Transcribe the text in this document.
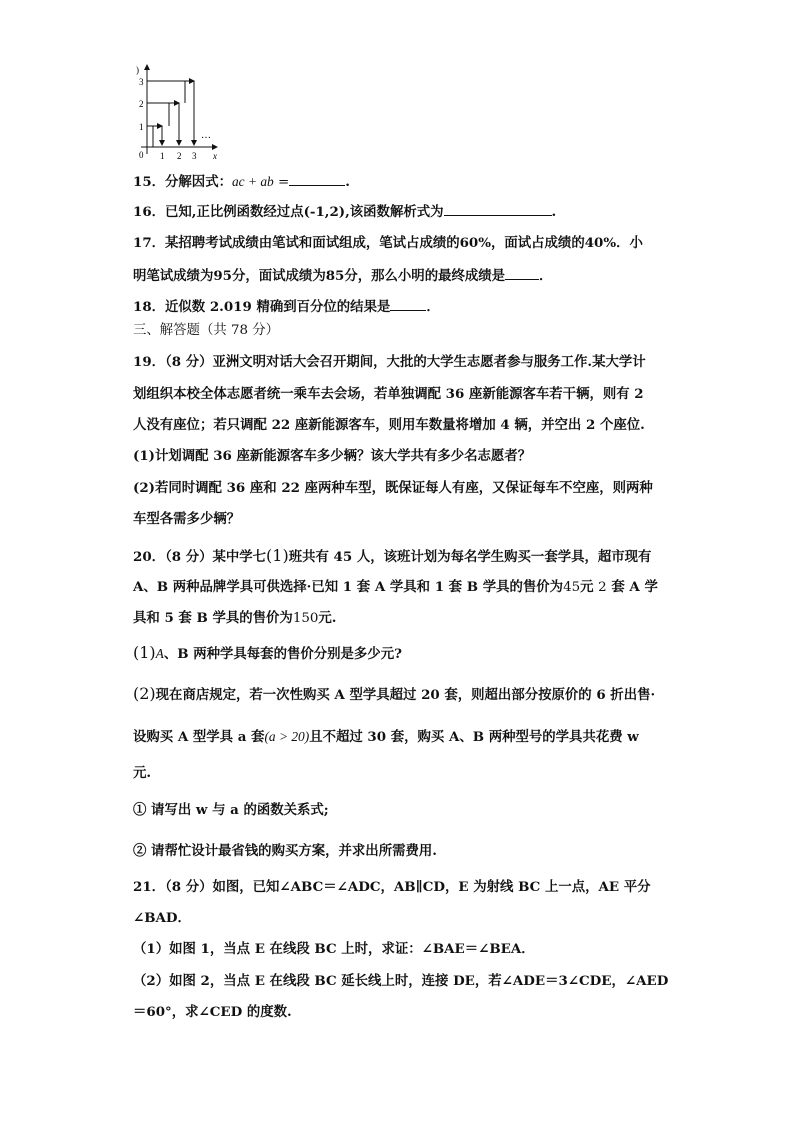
)
3
2
1
0 1 2 3 x
…
15．分解因式：ac + ab =	.
16．已知,正比例函数经过点(-1,2),该函数解析式为	.
17．某招聘考试成绩由笔试和面试组成，笔试占成绩的60%，面试占成绩的40%．小
明笔试成绩为95分，面试成绩为85分，那么小明的最终成绩是	．
18．近似数 2.019 精确到百分位的结果是	．
三、解答题（共 78 分）
19．（8 分）亚洲文明对话大会召开期间，大批的大学生志愿者参与服务工作.某大学计
划组织本校全体志愿者统一乘车去会场，若单独调配 36 座新能源客车若干辆，则有 2
人没有座位；若只调配 22 座新能源客车，则用车数量将增加 4 辆，并空出 2 个座位.
(1)计划调配 36 座新能源客车多少辆？该大学共有多少名志愿者？
(2)若同时调配 36 座和 22 座两种车型，既保证每人有座，又保证每车不空座，则两种
车型各需多少辆？
20．（8 分）某中学七(1)班共有 45 人，该班计划为每名学生购买一套学具，超市现有
A、B 两种品牌学具可供选择·已知 1 套 A 学具和 1 套 B 学具的售价为45元 2 套 A 学
具和 5 套 B 学具的售价为150元.
(1)A、B 两种学具每套的售价分别是多少元?
(2)现在商店规定，若一次性购买 A 型学具超过 20 套，则超出部分按原价的 6 折出售·
设购买 A 型学具 a 套(a > 20)且不超过 30 套，购买 A、B 两种型号的学具共花费 w
元.
① 请写出 w 与 a 的函数关系式;
② 请帮忙设计最省钱的购买方案，并求出所需费用.
21．（8 分）如图，已知∠ABC＝∠ADC，AB∥CD，E 为射线 BC 上一点，AE 平分
∠BAD．
（1）如图 1，当点 E 在线段 BC 上时，求证：∠BAE＝∠BEA．
（2）如图 2，当点 E 在线段 BC 延长线上时，连接 DE，若∠ADE＝3∠CDE，∠AED
＝60°，求∠CED 的度数.
